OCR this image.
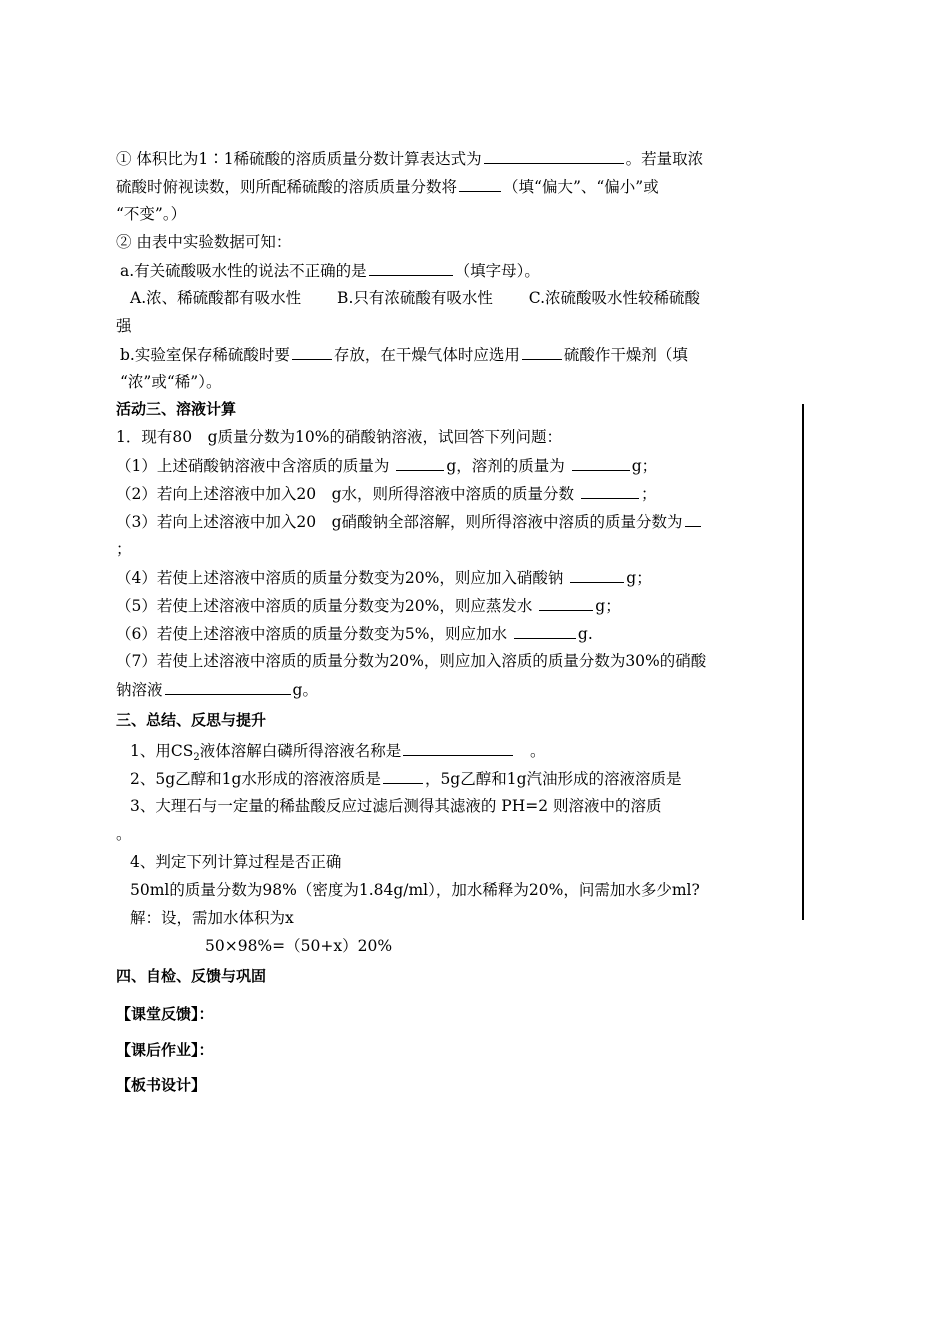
① 体积比为1∶1稀硫酸的溶质质量分数计算表达式为	。若量取浓
硫酸时俯视读数，则所配稀硫酸的溶质质量分数将	（填“偏大”、“偏小”或
“不变”。）
② 由表中实验数据可知：
a.有关硫酸吸水性的说法不正确的是	（填字母）。
A.浓、稀硫酸都有吸水性　　 B.只有浓硫酸有吸水性　　 C.浓硫酸吸水性较稀硫酸
强
b.实验室保存稀硫酸时要	存放，在干燥气体时应选用	硫酸作干燥剂（填
“浓”或“稀”）。
活动三、溶液计算
1．现有80　g质量分数为10%的硝酸钠溶液，试回答下列问题：
（1）上述硝酸钠溶液中含溶质的质量为	g，溶剂的质量为	g；
（2）若向上述溶液中加入20　g水，则所得溶液中溶质的质量分数	；
（3）若向上述溶液中加入20　g硝酸钠全部溶解，则所得溶液中溶质的质量分数为
；
（4）若使上述溶液中溶质的质量分数变为20%，则应加入硝酸钠	g；
（5）若使上述溶液中溶质的质量分数变为20%，则应蒸发水	g；
（6）若使上述溶液中溶质的质量分数变为5%，则应加水	g.
（7）若使上述溶液中溶质的质量分数为20%，则应加入溶质的质量分数为30%的硝酸
钠溶液	g。
三、总结、反思与提升
1、用$CS_2$液体溶解白磷所得溶液名称是	。
2、5g乙醇和1g水形成的溶液溶质是	，5g乙醇和1g汽油形成的溶液溶质是
3、大理石与一定量的稀盐酸反应过滤后测得其滤液的 PH=2 则溶液中的溶质
。
4、判定下列计算过程是否正确
50ml的质量分数为98%（密度为1.84g/ml），加水稀释为20%，问需加水多少ml?
解：设，需加水体积为x
50×98%=（50+x）20%
四、自检、反馈与巩固
【课堂反馈】：
【课后作业】：
【板书设计】
